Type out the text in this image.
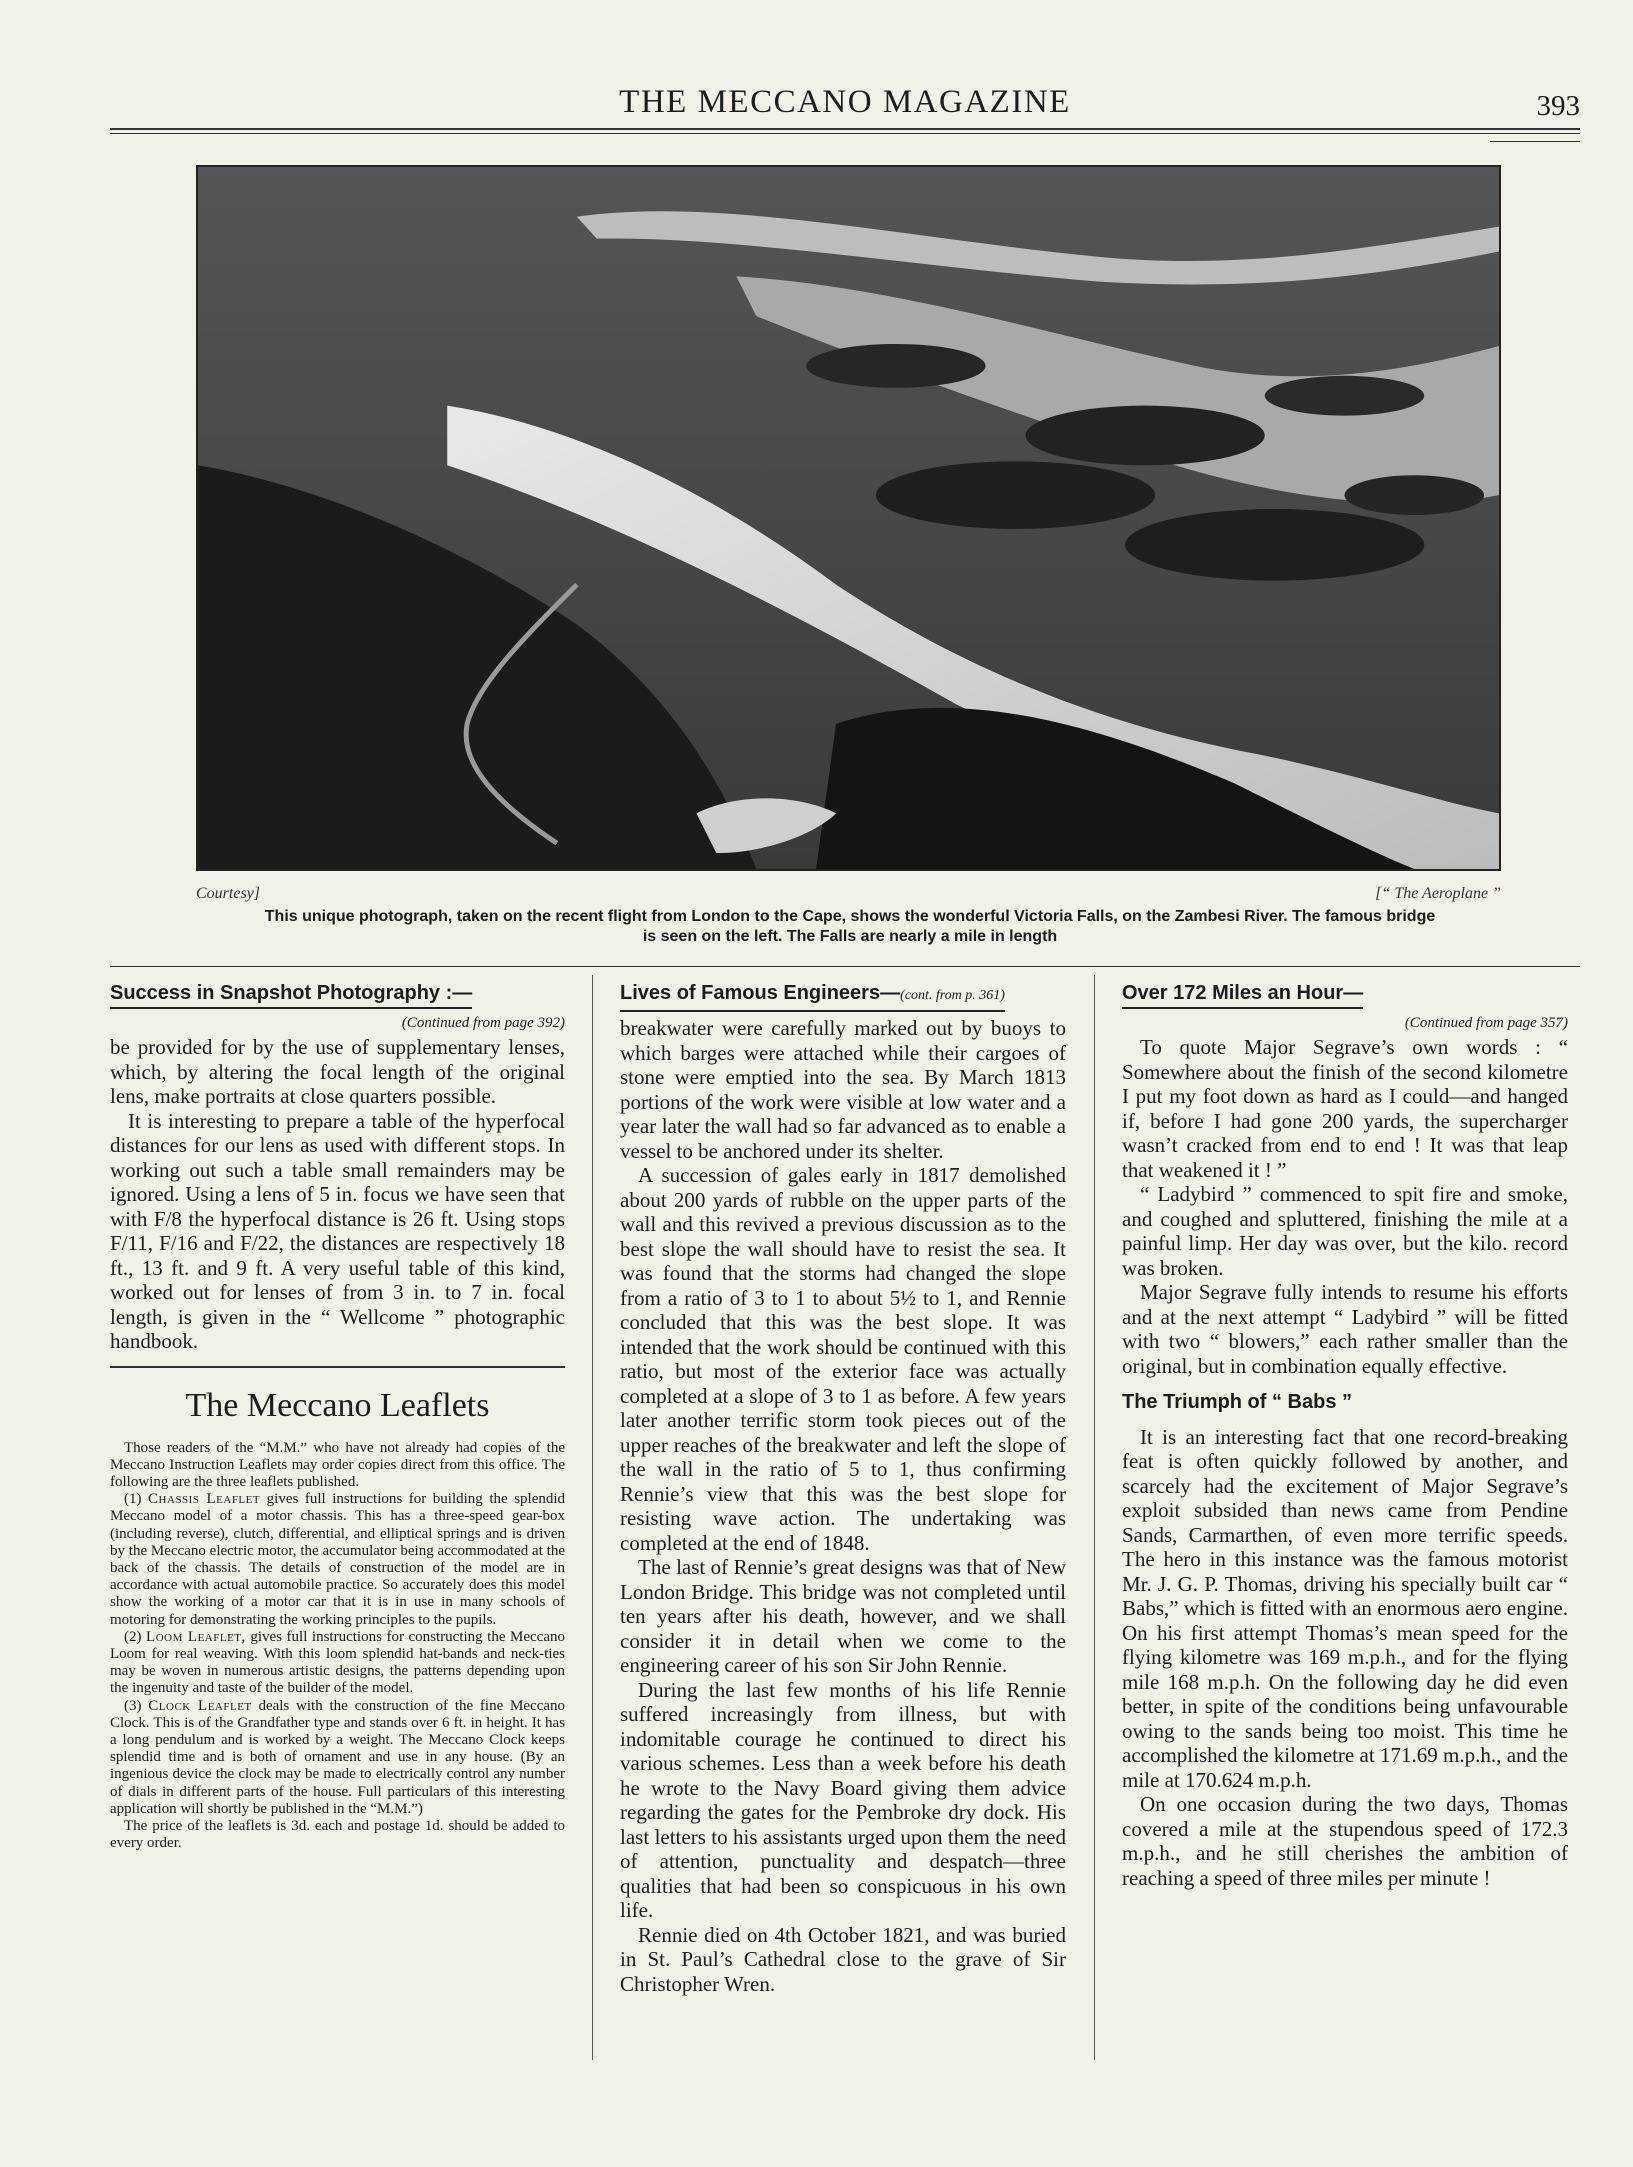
THE MECCANO MAGAZINE	393
Courtesy]	[“ The Aeroplane ”
This unique photograph, taken on the recent flight from London to the Cape, shows the wonderful Victoria Falls, on the Zambesi River. The famous bridge
is seen on the left. The Falls are nearly a mile in length
Success in Snapshot Photography :—
(Continued from page 392)

be provided for by the use of supplementary lenses, which, by altering the focal length of the original lens, make portraits at close quarters possible.

It is interesting to prepare a table of the hyperfocal distances for our lens as used with different stops. In working out such a table small remainders may be ignored. Using a lens of 5 in. focus we have seen that with F/8 the hyperfocal distance is 26 ft. Using stops F/11, F/16 and F/22, the distances are respectively 18 ft., 13 ft. and 9 ft. A very useful table of this kind, worked out for lenses of from 3 in. to 7 in. focal length, is given in the “ Wellcome ” photographic handbook.

The Meccano Leaflets

Those readers of the “M.M.” who have not already had copies of the Meccano Instruction Leaflets may order copies direct from this office. The following are the three leaflets published.

(1) Chassis Leaflet gives full instructions for building the splendid Meccano model of a motor chassis. This has a three-speed gear-box (including reverse), clutch, differential, and elliptical springs and is driven by the Meccano electric motor, the accumulator being accommodated at the back of the chassis. The details of construction of the model are in accordance with actual automobile practice. So accurately does this model show the working of a motor car that it is in use in many schools of motoring for demonstrating the working principles to the pupils.

(2) Loom Leaflet, gives full instructions for constructing the Meccano Loom for real weaving. With this loom splendid hat-bands and neck-ties may be woven in numerous artistic designs, the patterns depending upon the ingenuity and taste of the builder of the model.

(3) Clock Leaflet deals with the construction of the fine Meccano Clock. This is of the Grandfather type and stands over 6 ft. in height. It has a long pendulum and is worked by a weight. The Meccano Clock keeps splendid time and is both of ornament and use in any house. (By an ingenious device the clock may be made to electrically control any number of dials in different parts of the house. Full particulars of this interesting application will shortly be published in the “M.M.”)

The price of the leaflets is 3d. each and postage 1d. should be added to every order.

Lives of Famous Engineers—(cont. from p. 361)

breakwater were carefully marked out by buoys to which barges were attached while their cargoes of stone were emptied into the sea. By March 1813 portions of the work were visible at low water and a year later the wall had so far advanced as to enable a vessel to be anchored under its shelter.

A succession of gales early in 1817 demolished about 200 yards of rubble on the upper parts of the wall and this revived a previous discussion as to the best slope the wall should have to resist the sea. It was found that the storms had changed the slope from a ratio of 3 to 1 to about 5½ to 1, and Rennie concluded that this was the best slope. It was intended that the work should be continued with this ratio, but most of the exterior face was actually completed at a slope of 3 to 1 as before. A few years later another terrific storm took pieces out of the upper reaches of the breakwater and left the slope of the wall in the ratio of 5 to 1, thus confirming Rennie’s view that this was the best slope for resisting wave action. The undertaking was completed at the end of 1848.

The last of Rennie’s great designs was that of New London Bridge. This bridge was not completed until ten years after his death, however, and we shall consider it in detail when we come to the engineering career of his son Sir John Rennie.

During the last few months of his life Rennie suffered increasingly from illness, but with indomitable courage he continued to direct his various schemes. Less than a week before his death he wrote to the Navy Board giving them advice regarding the gates for the Pembroke dry dock. His last letters to his assistants urged upon them the need of attention, punctuality and despatch—three qualities that had been so conspicuous in his own life.

Rennie died on 4th October 1821, and was buried in St. Paul’s Cathedral close to the grave of Sir Christopher Wren.

Over 172 Miles an Hour—
(Continued from page 357)

To quote Major Segrave’s own words : “ Somewhere about the finish of the second kilometre I put my foot down as hard as I could—and hanged if, before I had gone 200 yards, the supercharger wasn’t cracked from end to end ! It was that leap that weakened it ! ”

“ Ladybird ” commenced to spit fire and smoke, and coughed and spluttered, finishing the mile at a painful limp. Her day was over, but the kilo. record was broken.

Major Segrave fully intends to resume his efforts and at the next attempt “ Ladybird ” will be fitted with two “ blowers,” each rather smaller than the original, but in combination equally effective.

The Triumph of “ Babs ”

It is an interesting fact that one record-breaking feat is often quickly followed by another, and scarcely had the excitement of Major Segrave’s exploit subsided than news came from Pendine Sands, Carmarthen, of even more terrific speeds. The hero in this instance was the famous motorist Mr. J. G. P. Thomas, driving his specially built car “ Babs,” which is fitted with an enormous aero engine. On his first attempt Thomas’s mean speed for the flying kilometre was 169 m.p.h., and for the flying mile 168 m.p.h. On the following day he did even better, in spite of the conditions being unfavourable owing to the sands being too moist. This time he accomplished the kilometre at 171.69 m.p.h., and the mile at 170.624 m.p.h.

On one occasion during the two days, Thomas covered a mile at the stupendous speed of 172.3 m.p.h., and he still cherishes the ambition of reaching a speed of three miles per minute !
